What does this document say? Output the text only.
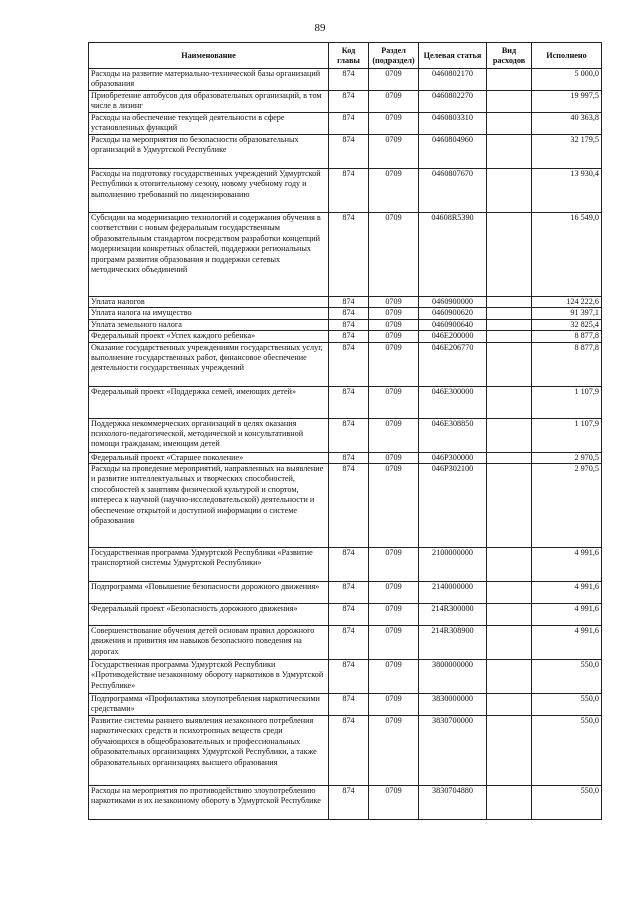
89
Наименование	Код главы	Раздел (подраздел)	Целевая статья	Вид расходов	Исполнено
Расходы на развитие материально-технической базы организаций образования	874	0709	0460802170		5 000,0
Приобретение автобусов для образовательных организаций, в том числе в лизинг	874	0709	0460802270		19 997,5
Расходы на обеспечение текущей деятельности в сфере установленных функций	874	0709	0460803310		40 363,8
Расходы на мероприятия по безопасности образовательных организаций в Удмуртской Республике	874	0709	0460804960		32 179,5
Расходы на подготовку государственных учреждений Удмуртской Республики к отопительному сезону, новому учебному году и выполнению требований по лицензированию	874	0709	0460807670		13 930,4
Субсидии на модернизацию технологий и содержания обучения в соответствии с новым федеральным государственным образовательным стандартом посредством разработки концепций модернизации конкретных областей, поддержки региональных программ развития образования и поддержки сетевых методических объединений	874	0709	04608R5390		16 549,0
Уплата налогов	874	0709	0460900000		124 222,6
Уплата налога на имущество	874	0709	0460900620		91 397,1
Уплата земельного налога	874	0709	0460900640		32 825,4
Федеральный проект «Успех каждого ребенка»	874	0709	046E200000		8 877,8
Оказание государственных учреждениями государственных услуг, выполнение государственных работ, финансовое обеспечение деятельности государственных учреждений	874	0709	046E206770		8 877,8
Федеральный проект «Поддержка семей, имеющих детей»	874	0709	046E300000		1 107,9
Поддержка некоммерческих организаций в целях оказания психолого-педагогической, методической и консультативной помощи гражданам, имеющим детей	874	0709	046E308850		1 107,9
Федеральный проект «Старшее поколение»	874	0709	046P300000		2 970,5
Расходы на проведение мероприятий, направленных на выявление и развитие интеллектуальных и творческих способностей, способностей к занятиям физической культурой и спортом, интереса к научной (научно-исследовательской) деятельности и обеспечение открытой и доступной информации о системе образования	874	0709	046P302100		2 970,5
Государственная программа Удмуртской Республики «Развитие транспортной системы Удмуртской Республики»	874	0709	2100000000		4 991,6
Подпрограмма «Повышение безопасности дорожного движения»	874	0709	2140000000		4 991,6
Федеральный проект «Безопасность дорожного движения»	874	0709	214R300000		4 991,6
Совершенствование обучения детей основам правил дорожного движения и привития им навыков безопасного поведения на дорогах	874	0709	214R308900		4 991,6
Государственная программа Удмуртской Республики «Противодействие незаконному обороту наркотиков в Удмуртской Республике»	874	0709	3800000000		550,0
Подпрограмма «Профилактика злоупотребления наркотическими средствами»	874	0709	3830000000		550,0
Развитие системы раннего выявления незаконного потребления наркотических средств и психотропных веществ среди обучающихся в общеобразовательных и профессиональных образовательных организациях Удмуртской Республики, а также образовательных организациях высшего образования	874	0709	3830700000		550,0
Расходы на мероприятия по противодействию злоупотреблению наркотиками и их незаконному обороту в Удмуртской Республике	874	0709	3830704880		550,0
